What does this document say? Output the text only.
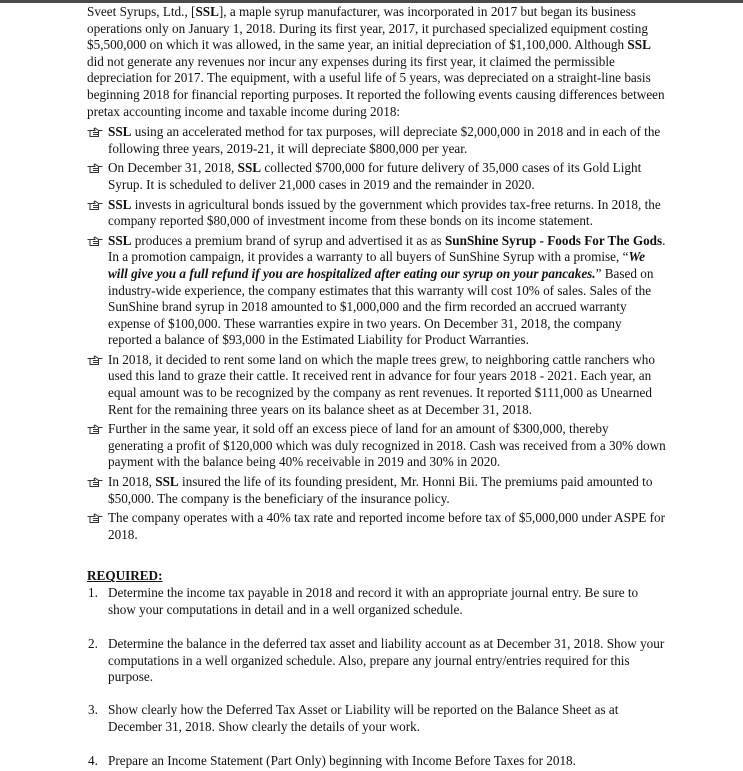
Sveet Syrups, Ltd., [SSL], a maple syrup manufacturer, was incorporated in 2017 but began its business operations only on January 1, 2018. During its first year, 2017, it purchased specialized equipment costing $5,500,000 on which it was allowed, in the same year, an initial depreciation of $1,100,000. Although SSL did not generate any revenues nor incur any expenses during its first year, it claimed the permissible depreciation for 2017. The equipment, with a useful life of 5 years, was depreciated on a straight-line basis beginning 2018 for financial reporting purposes. It reported the following events causing differences between pretax accounting income and taxable income during 2018:

SSL using an accelerated method for tax purposes, will depreciate $2,000,000 in 2018 and in each of the following three years, 2019-21, it will depreciate $800,000 per year.
On December 31, 2018, SSL collected $700,000 for future delivery of 35,000 cases of its Gold Light Syrup. It is scheduled to deliver 21,000 cases in 2019 and the remainder in 2020.
SSL invests in agricultural bonds issued by the government which provides tax-free returns. In 2018, the company reported $80,000 of investment income from these bonds on its income statement.
SSL produces a premium brand of syrup and advertised it as as SunShine Syrup - Foods For The Gods. In a promotion campaign, it provides a warranty to all buyers of SunShine Syrup with a promise, “We will give you a full refund if you are hospitalized after eating our syrup on your pancakes.” Based on industry-wide experience, the company estimates that this warranty will cost 10% of sales. Sales of the SunShine brand syrup in 2018 amounted to $1,000,000 and the firm recorded an accrued warranty expense of $100,000. These warranties expire in two years. On December 31, 2018, the company reported a balance of $93,000 in the Estimated Liability for Product Warranties.
In 2018, it decided to rent some land on which the maple trees grew, to neighboring cattle ranchers who used this land to graze their cattle. It received rent in advance for four years 2018 - 2021. Each year, an equal amount was to be recognized by the company as rent revenues. It reported $111,000 as Unearned Rent for the remaining three years on its balance sheet as at December 31, 2018.
Further in the same year, it sold off an excess piece of land for an amount of $300,000, thereby generating a profit of $120,000 which was duly recognized in 2018. Cash was received from a 30% down payment with the balance being 40% receivable in 2019 and 30% in 2020.
In 2018, SSL insured the life of its founding president, Mr. Honni Bii. The premiums paid amounted to $50,000. The company is the beneficiary of the insurance policy.
The company operates with a 40% tax rate and reported income before tax of $5,000,000 under ASPE for 2018.

REQUIRED:

1. Determine the income tax payable in 2018 and record it with an appropriate journal entry. Be sure to show your computations in detail and in a well organized schedule.
2. Determine the balance in the deferred tax asset and liability account as at December 31, 2018. Show your computations in a well organized schedule. Also, prepare any journal entry/entries required for this purpose.
3. Show clearly how the Deferred Tax Asset or Liability will be reported on the Balance Sheet as at December 31, 2018. Show clearly the details of your work.
4. Prepare an Income Statement (Part Only) beginning with Income Before Taxes for 2018.
